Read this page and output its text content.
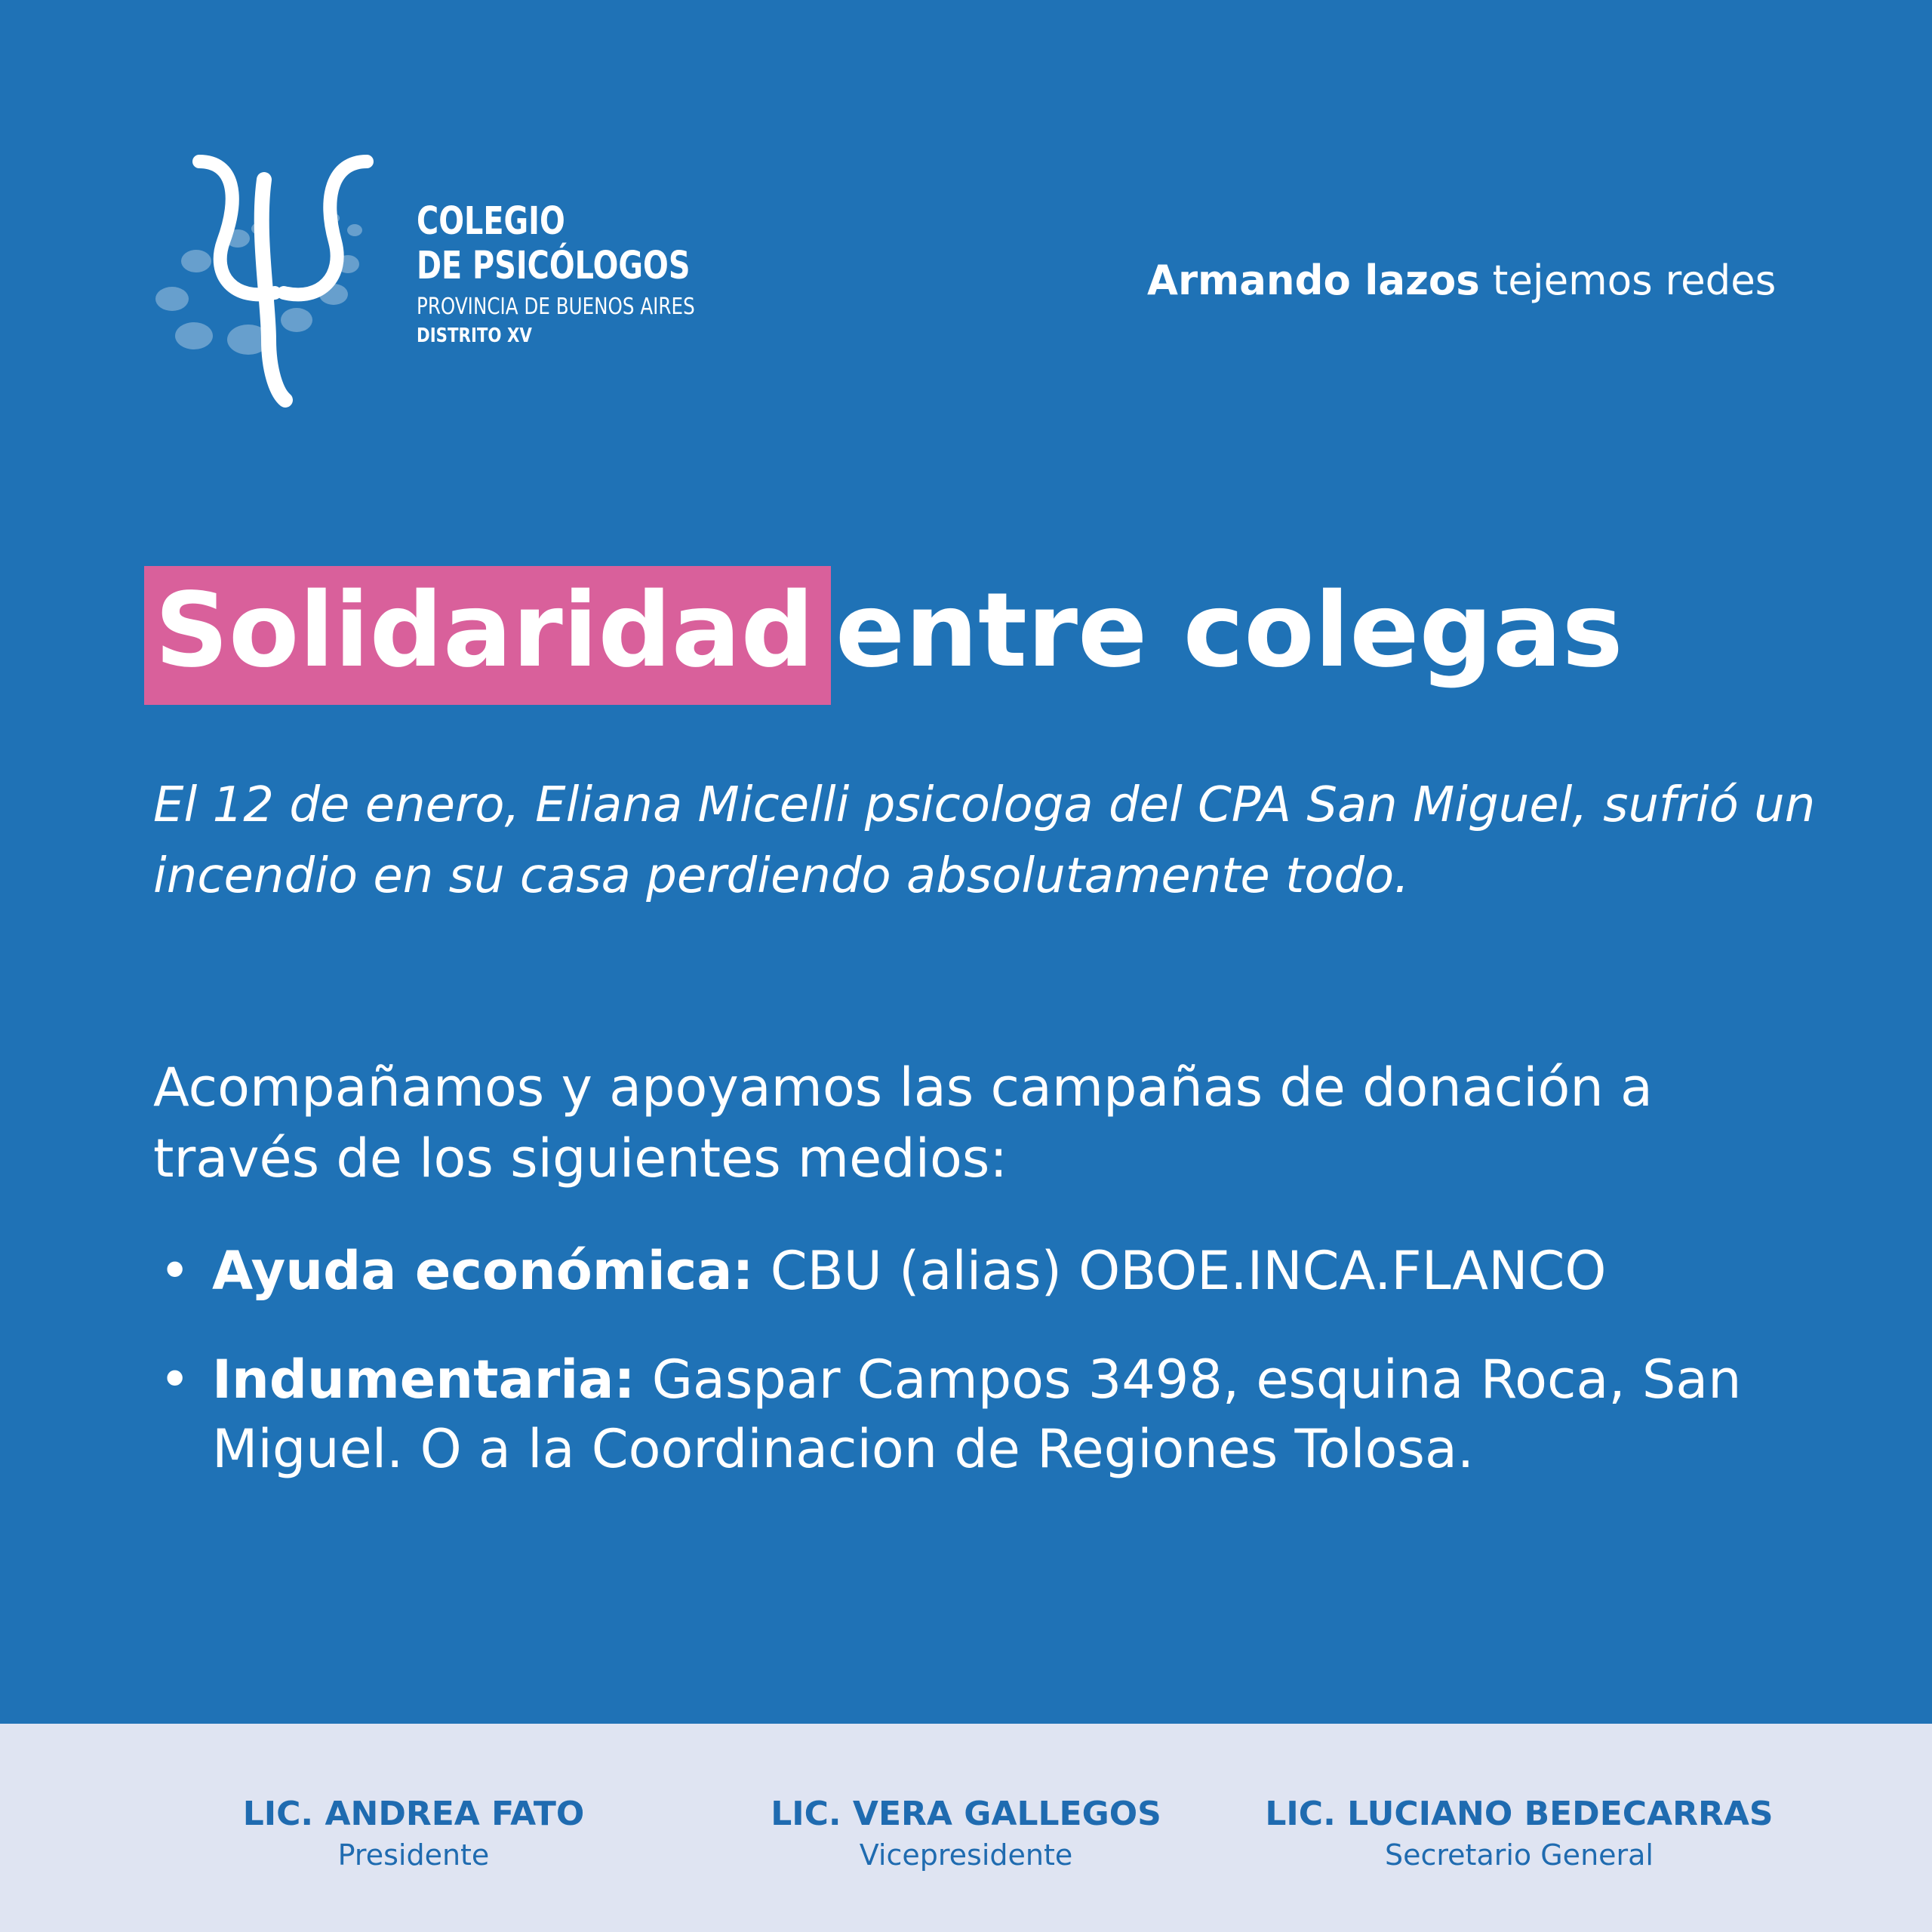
COLEGIO
DE PSICÓLOGOS
PROVINCIA DE BUENOS AIRES
DISTRITO XV
Armando lazos tejemos redes
Solidaridad entre colegas
El 12 de enero, Eliana Micelli psicologa del CPA San Miguel, sufrió un incendio en su casa perdiendo absolutamente todo.
Acompañamos y apoyamos las campañas de donación a través de los siguientes medios:
• Ayuda económica: CBU (alias) OBOE.INCA.FLANCO
• Indumentaria: Gaspar Campos 3498, esquina Roca, San Miguel. O a la Coordinacion de Regiones Tolosa.
LIC. ANDREA FATO
Presidente
LIC. VERA GALLEGOS
Vicepresidente
LIC. LUCIANO BEDECARRAS
Secretario General
